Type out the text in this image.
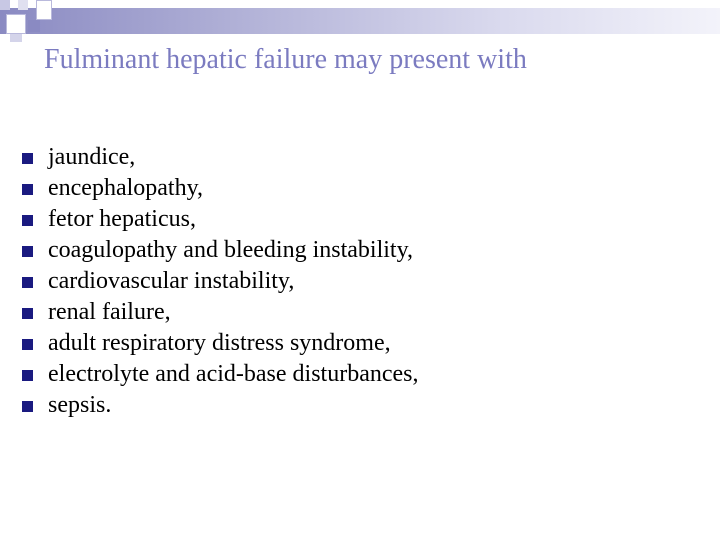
Fulminant hepatic failure may present with
jaundice,
encephalopathy,
fetor hepaticus,
coagulopathy and bleeding instability,
cardiovascular instability,
renal failure,
adult respiratory distress syndrome,
electrolyte and acid-base disturbances,
sepsis.
